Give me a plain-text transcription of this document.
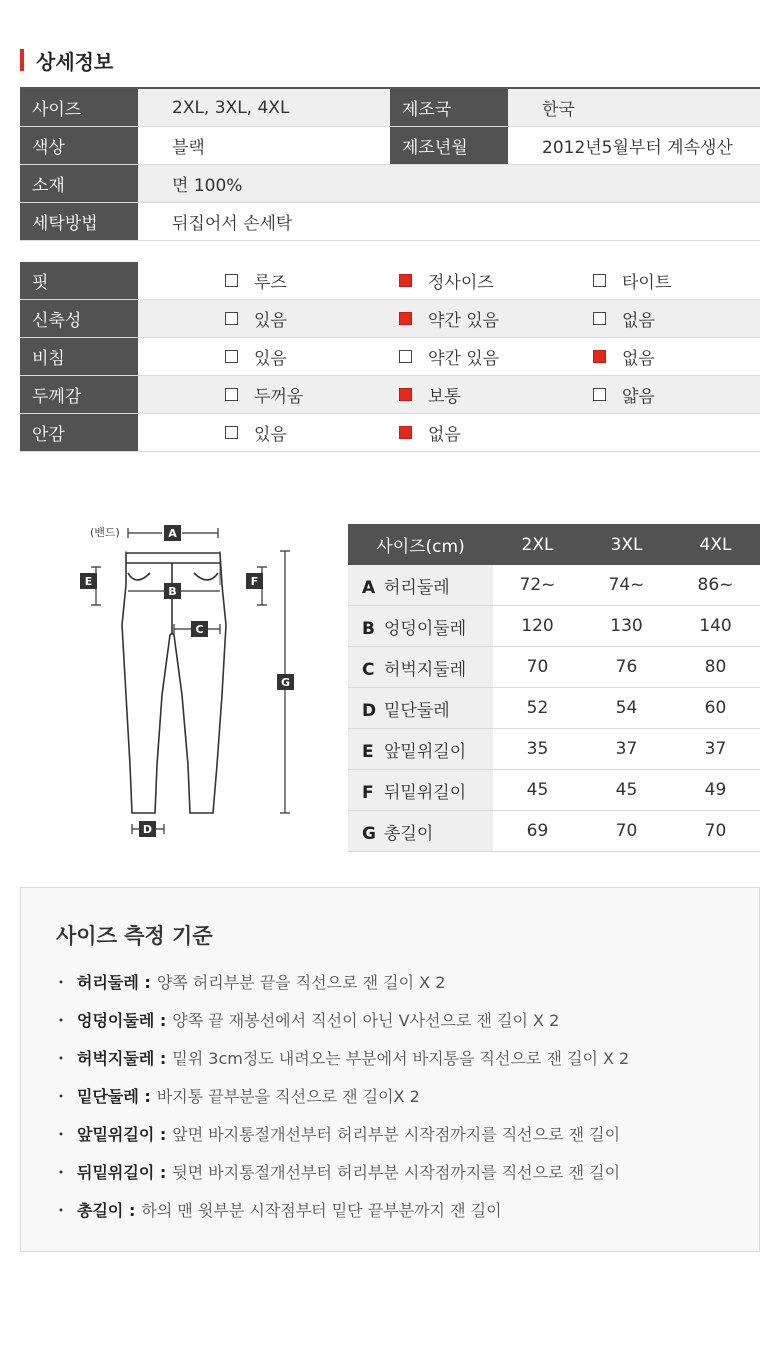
상세정보
사이즈	2XL, 3XL, 4XL	제조국	한국
색상	블랙	제조년월	2012년5월부터 계속생산
소재	면 100%		
세탁방법	뒤집어서 손세탁		
핏		루즈	정사이즈	타이트

신축성		있음	약간 있음	없음

비침		있음	약간 있음	없음

두께감		두꺼움	보통	얇음

안감		있음	없음	

(밴드)	A
B
C
D
E	F
G
사이즈(cm)	2XL	3XL	4XL
A 허리둘레	72~	74~	86~
B 엉덩이둘레	120	130	140
C 허벅지둘레	70	76	80
D 밑단둘레	52	54	60
E 앞밑위길이	35	37	37
F 뒤밑위길이	45	45	49
G 총길이	69	70	70
사이즈 측정 기준
・ 허리둘레 : 양쪽 허리부분 끝을 직선으로 잰 길이 X 2
・ 엉덩이둘레 : 양쪽 끝 재봉선에서 직선이 아닌 V사선으로 잰 길이 X 2
・ 허벅지둘레 : 밑위 3cm정도 내려오는 부분에서 바지통을 직선으로 잰 길이 X 2
・ 밑단둘레 : 바지통 끝부분을 직선으로 잰 길이X 2
・ 앞밑위길이 : 앞면 바지통절개선부터 허리부분 시작점까지를 직선으로 잰 길이
・ 뒤밑위길이 : 뒷면 바지통절개선부터 허리부분 시작점까지를 직선으로 잰 길이
・ 총길이 : 하의 맨 윗부분 시작점부터 밑단 끝부분까지 잰 길이
